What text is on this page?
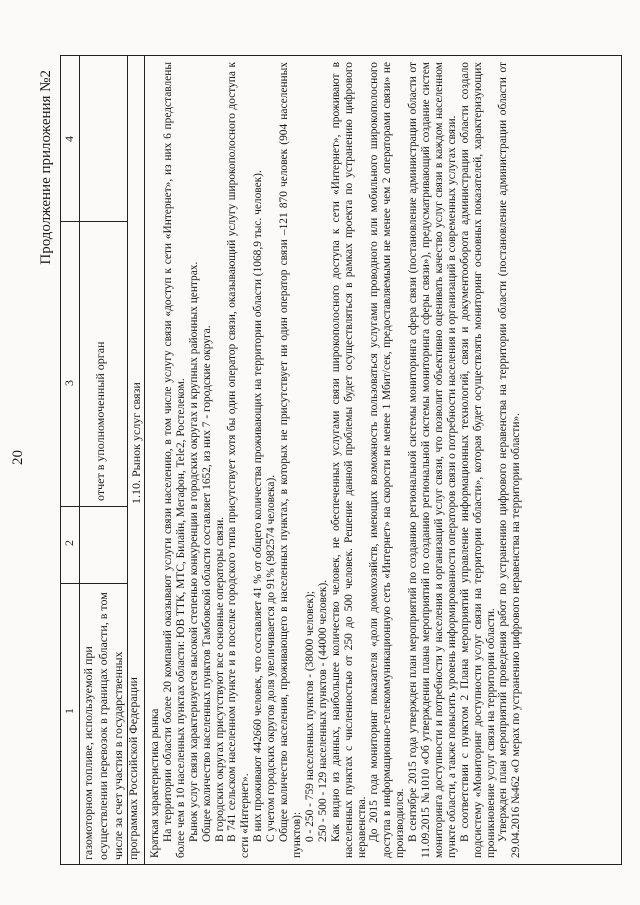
20
Продолжение приложения №2
1
2
3
4
газомоторном топливе, используемой при осуществлении перевозок в границах области, в том числе за счет участия в государственных программах Российской Федерации
отчет в уполномоченный орган 1.10. Рынок услуг связи

Краткая характеристика рынка На территории области более 20 компаний оказывают услуги связи населению, в том числе услугу связи «доступ к сети «Интернет», из них 6 представлены более чем в 10 населенных пунктах области: ЮВ ТТК, МТС, Билайн, Мегафон, Tele2, Ростелеком. Рынок услуг связи характеризуется высокой степенью конкуренции в городских округах и крупных районных центрах. Общее количество населенных пунктов Тамбовской области составляет 1652, из них 7 - городские округа. В городских округах присутствуют все основные операторы связи. В 741 сельском населенном пункте и в поселке городского типа присутствует хотя бы один оператор связи, оказывающий услугу широкополосного доступа к сети «Интернет». В них проживают 442660 человек, что составляет 41 % от общего количества проживающих на территории области (1068,9 тыс. человек). С учетом городских округов доля увеличивается до 91% (982574 человека). Общее количество населения, проживающего в населенных пунктах, в которых не присутствует ни один оператор связи –121 870 человек (904 населенных пунктов): 0 - 250 - 759 населенных пунктов - (38000 человек); 250 - 500 - 129 населенных пунктов - (44000 человек). Как видно из данных, наибольшее количество человек, не обеспеченных услугами связи широкополосного доступа к сети «Интернет», проживают в населенных пунктах с численностью от 250 до 500 человек. Решение данной проблемы будет осуществляться в рамках проекта по устранению цифрового неравенства. До 2015 года мониторинг показателя «доли домохозяйств, имеющих возможность пользоваться услугами проводного или мобильного широкополосного доступа в информационно-телекоммуникационную сеть «Интернет» на скорости не менее 1 Мбит/сек, предоставляемыми не менее чем 2 операторами связи» не производился. В сентябре 2015 года утвержден план мероприятий по созданию региональной системы мониторинга сфера связи (постановление администрации области от 11.09.2015 №1010 «Об утверждении плана мероприятий по созданию региональной системы мониторинга сферы связи»), предусматривающий создание систем мониторинга доступности и потребности у населения и организаций услуг связи, что позволит объективно оценивать качество услуг связи в каждом населенном пункте области, а также повысить уровень информированности операторов связи о потребности населения и организаций в современных услугах связи. В соответствии с пунктом 2 Плана мероприятий управление информационных технологий, связи и документооборота администрации области создало подсистему «Мониторинг доступности услуг связи на территории области», которая будет осуществлять мониторинг основных показателей, характеризующих проникновение услуг связи на территории области. Утвержден план мероприятий проведения работ по устранению цифрового неравенства на территории области (постановление администрации области от 29.04.2016 №462 «О мерах по устранению цифрового неравенства на территории области».
